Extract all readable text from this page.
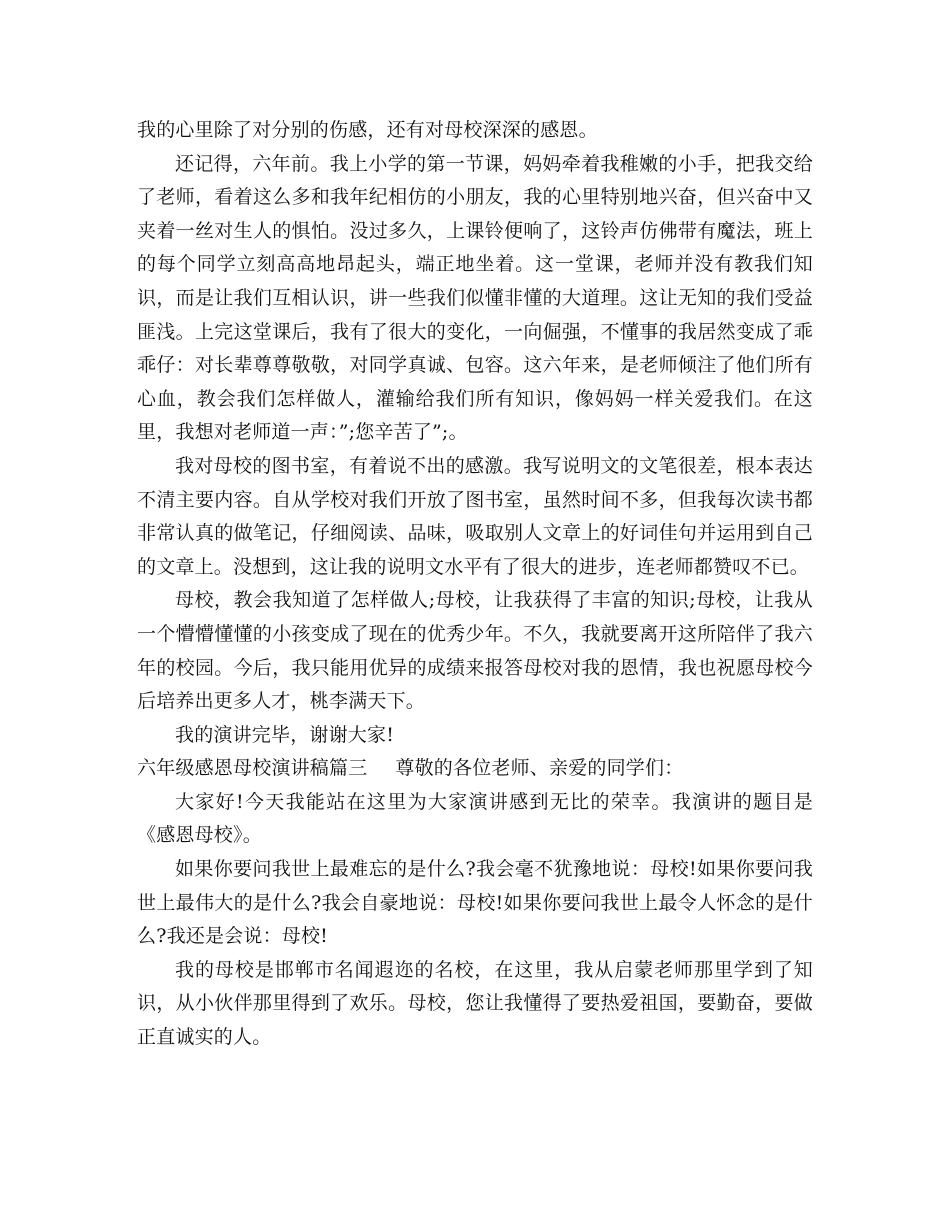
我的心里除了对分别的伤感，还有对母校深深的感恩。

还记得，六年前。我上小学的第一节课，妈妈牵着我稚嫩的小手，把我交给了老师，看着这么多和我年纪相仿的小朋友，我的心里特别地兴奋，但兴奋中又夹着一丝对生人的惧怕。没过多久，上课铃便响了，这铃声仿佛带有魔法，班上的每个同学立刻高高地昂起头，端正地坐着。这一堂课，老师并没有教我们知识，而是让我们互相认识，讲一些我们似懂非懂的大道理。这让无知的我们受益匪浅。上完这堂课后，我有了很大的变化，一向倔强，不懂事的我居然变成了乖乖仔：对长辈尊尊敬敬，对同学真诚、包容。这六年来，是老师倾注了他们所有心血，教会我们怎样做人，灌输给我们所有知识，像妈妈一样关爱我们。在这里，我想对老师道一声：”;您辛苦了”;。

我对母校的图书室，有着说不出的感激。我写说明文的文笔很差，根本表达不清主要内容。自从学校对我们开放了图书室，虽然时间不多，但我每次读书都非常认真的做笔记，仔细阅读、品味，吸取别人文章上的好词佳句并运用到自己的文章上。没想到，这让我的说明文水平有了很大的进步，连老师都赞叹不已。

母校，教会我知道了怎样做人;母校，让我获得了丰富的知识;母校，让我从一个懵懵懂懂的小孩变成了现在的优秀少年。不久，我就要离开这所陪伴了我六年的校园。今后，我只能用优异的成绩来报答母校对我的恩情，我也祝愿母校今后培养出更多人才，桃李满天下。

我的演讲完毕，谢谢大家!

六年级感恩母校演讲稿篇三 尊敬的各位老师、亲爱的同学们：

大家好!今天我能站在这里为大家演讲感到无比的荣幸。我演讲的题目是《感恩母校》。

如果你要问我世上最难忘的是什么?我会毫不犹豫地说：母校!如果你要问我世上最伟大的是什么?我会自豪地说：母校!如果你要问我世上最令人怀念的是什么?我还是会说：母校!

我的母校是邯郸市名闻遐迩的名校，在这里，我从启蒙老师那里学到了知识，从小伙伴那里得到了欢乐。母校，您让我懂得了要热爱祖国，要勤奋，要做正直诚实的人。
